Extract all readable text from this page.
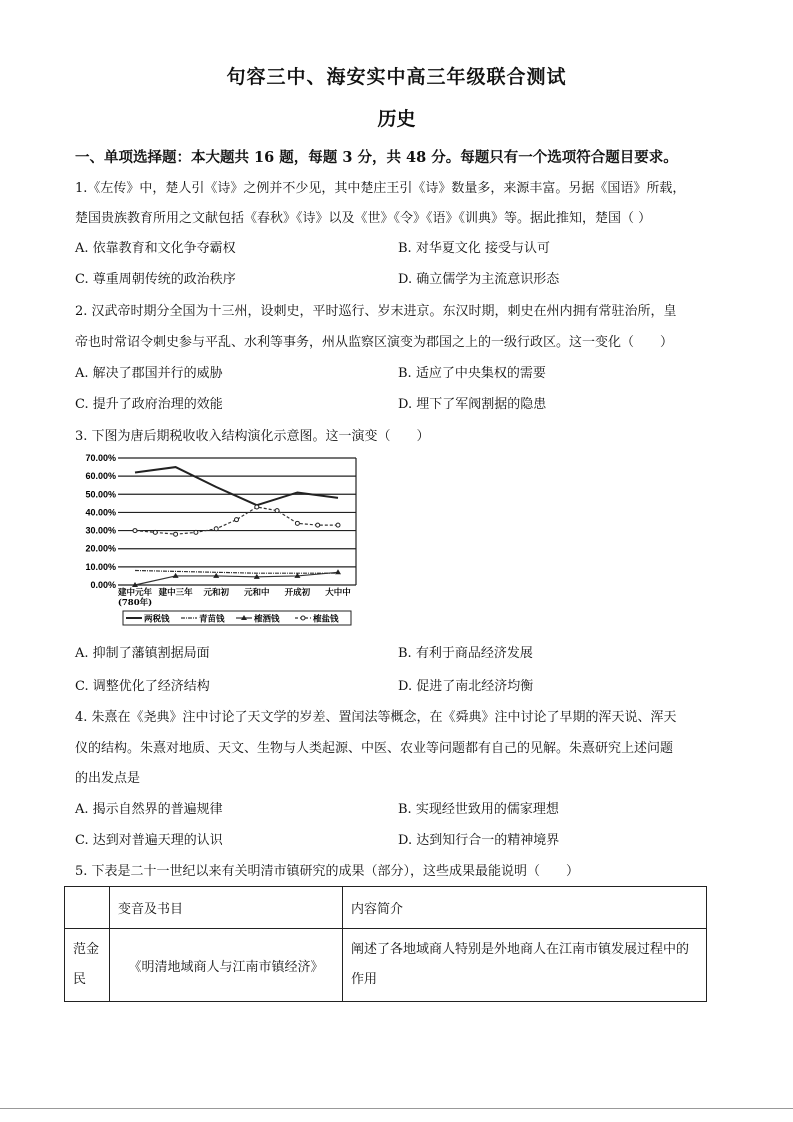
句容三中、海安实中高三年级联合测试
历史
一、单项选择题：本大题共 16 题，每题 3 分，共 48 分。每题只有一个选项符合题目要求。
1.《左传》中，楚人引《诗》之例并不少见，其中楚庄王引《诗》数量多，来源丰富。另据《国语》所载，
楚国贵族教育所用之文献包括《春秋》《诗》以及《世》《令》《语》《训典》等。据此推知，楚国（ ）
A. 依靠教育和文化争夺霸权	B. 对华夏文化 接受与认可
C. 尊重周朝传统的政治秩序	D. 确立儒学为主流意识形态
2. 汉武帝时期分全国为十三州，设刺史，平时巡行、岁末进京。东汉时期，刺史在州内拥有常驻治所，皇
帝也时常诏令刺史参与平乱、水利等事务，州从监察区演变为郡国之上的一级行政区。这一变化（　　）
A. 解决了郡国并行的威胁	B. 适应了中央集权的需要
C. 提升了政府治理的效能	D. 埋下了军阀割据的隐患
3. 下图为唐后期税收收入结构演化示意图。这一演变（　　）
70.00%
60.00%
50.00%
40.00%
30.00%
20.00%
10.00%
0.00%
建中元年 建中三年 元和初 元和中 开成初 大中中
(780年)
两税钱	青苗钱	榷酒钱	榷盐钱
A. 抑制了藩镇割据局面	B. 有利于商品经济发展
C. 调整优化了经济结构	D. 促进了南北经济均衡
4. 朱熹在《尧典》注中讨论了天文学的岁差、置闰法等概念，在《舜典》注中讨论了早期的浑天说、浑天
仪的结构。朱熹对地质、天文、生物与人类起源、中医、农业等问题都有自己的见解。朱熹研究上述问题
的出发点是
A. 揭示自然界的普遍规律	B. 实现经世致用的儒家理想
C. 达到对普遍天理的认识	D. 达到知行合一的精神境界
5. 下表是二十一世纪以来有关明清市镇研究的成果（部分），这些成果最能说明（　　）
	变音及书目	内容简介
范金民	《明清地域商人与江南市镇经济》	阐述了各地域商人特别是外地商人在江南市镇发展过程中的作用
